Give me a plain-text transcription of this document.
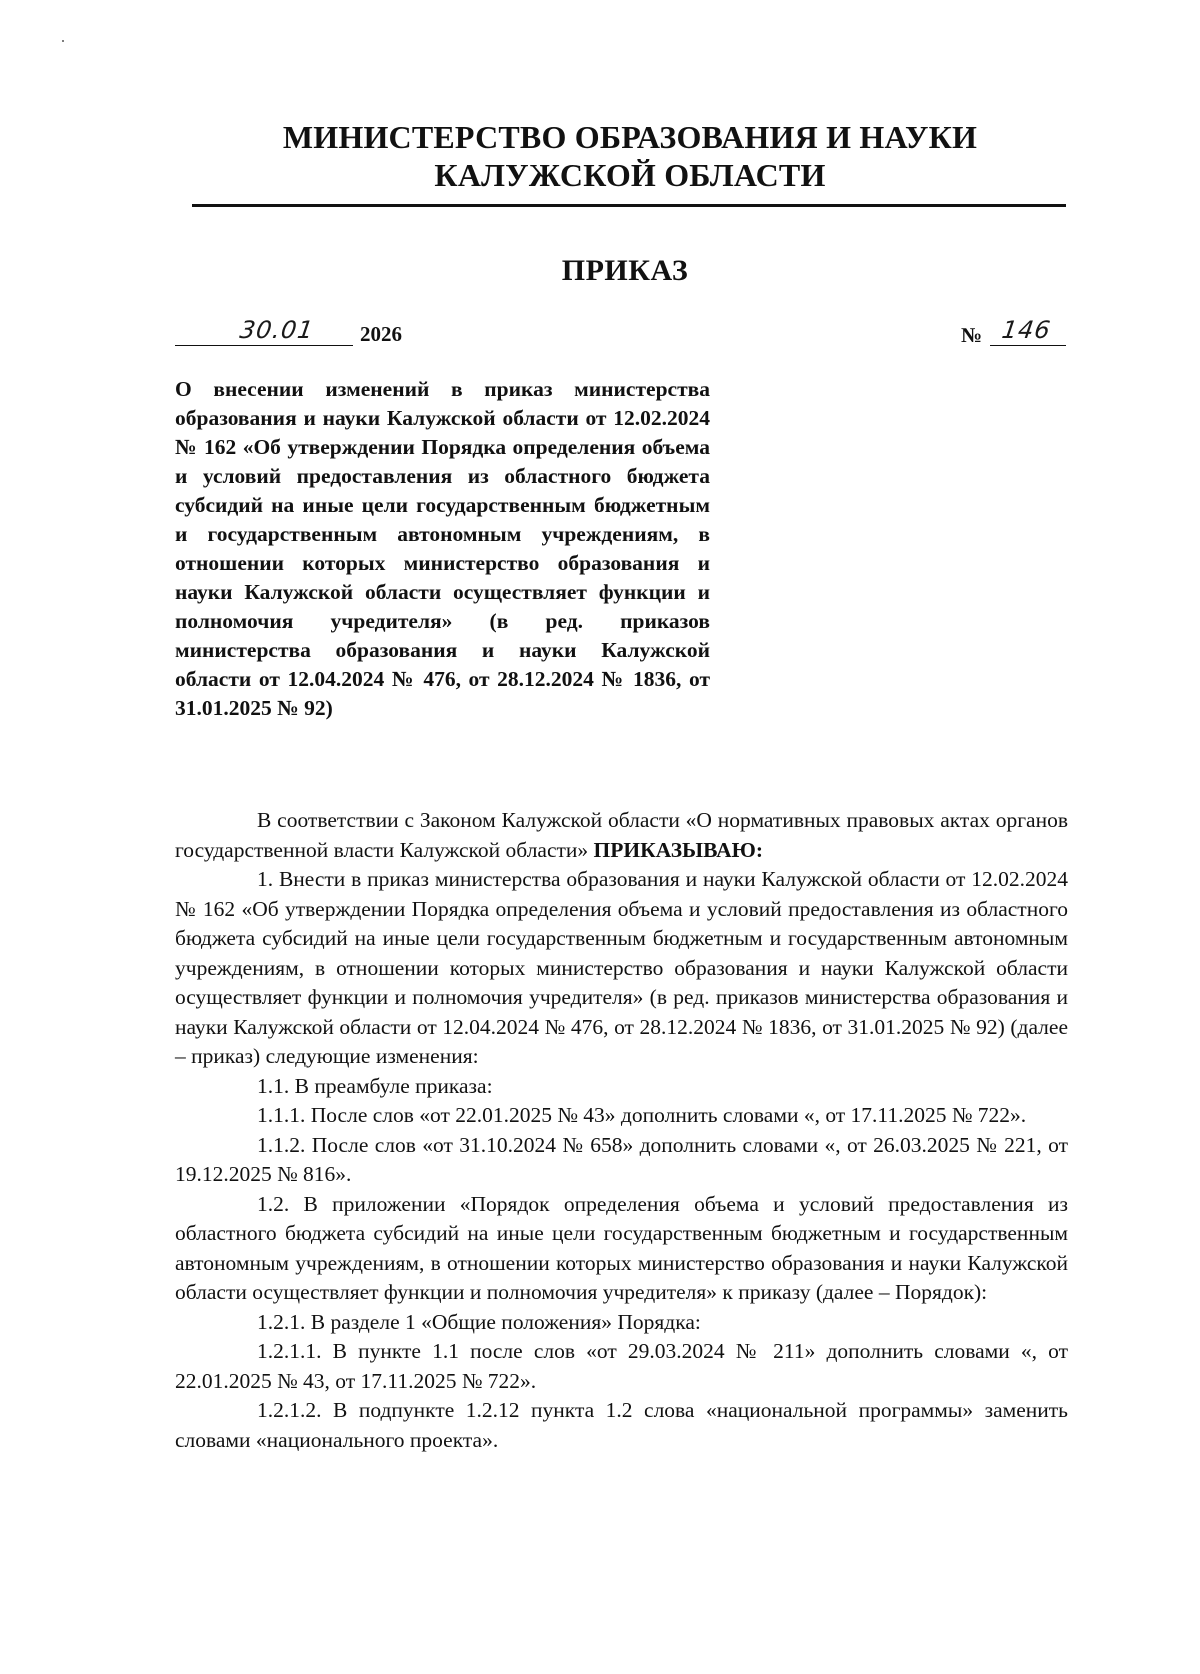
МИНИСТЕРСТВО ОБРАЗОВАНИЯ И НАУКИ
КАЛУЖСКОЙ ОБЛАСТИ
ПРИКАЗ
30.01 2026	№ 146
О внесении изменений в приказ министерства образования и науки Калужской области от 12.02.2024 № 162 «Об утверждении Порядка определения объема и условий предоставления из областного бюджета субсидий на иные цели государственным бюджетным и государственным автономным учреждениям, в отношении которых министерство образования и науки Калужской области осуществляет функции и полномочия учредителя» (в ред. приказов министерства образования и науки Калужской области от 12.04.2024 № 476, от 28.12.2024 № 1836, от 31.01.2025 № 92)

В соответствии с Законом Калужской области «О нормативных правовых актах органов государственной власти Калужской области» ПРИКАЗЫВАЮ:

1. Внести в приказ министерства образования и науки Калужской области от 12.02.2024 № 162 «Об утверждении Порядка определения объема и условий предоставления из областного бюджета субсидий на иные цели государственным бюджетным и государственным автономным учреждениям, в отношении которых министерство образования и науки Калужской области осуществляет функции и полномочия учредителя» (в ред. приказов министерства образования и науки Калужской области от 12.04.2024 № 476, от 28.12.2024 № 1836, от 31.01.2025 № 92) (далее – приказ) следующие изменения:

1.1. В преамбуле приказа:

1.1.1. После слов «от 22.01.2025 № 43» дополнить словами «, от 17.11.2025 № 722».

1.1.2. После слов «от 31.10.2024 № 658» дополнить словами «, от 26.03.2025 № 221, от 19.12.2025 № 816».

1.2. В приложении «Порядок определения объема и условий предоставления из областного бюджета субсидий на иные цели государственным бюджетным и государственным автономным учреждениям, в отношении которых министерство образования и науки Калужской области осуществляет функции и полномочия учредителя» к приказу (далее – Порядок):

1.2.1. В разделе 1 «Общие положения» Порядка:

1.2.1.1. В пункте 1.1 после слов «от 29.03.2024 № 211» дополнить словами «, от 22.01.2025 № 43, от 17.11.2025 № 722».

1.2.1.2. В подпункте 1.2.12 пункта 1.2 слова «национальной программы» заменить словами «национального проекта».
